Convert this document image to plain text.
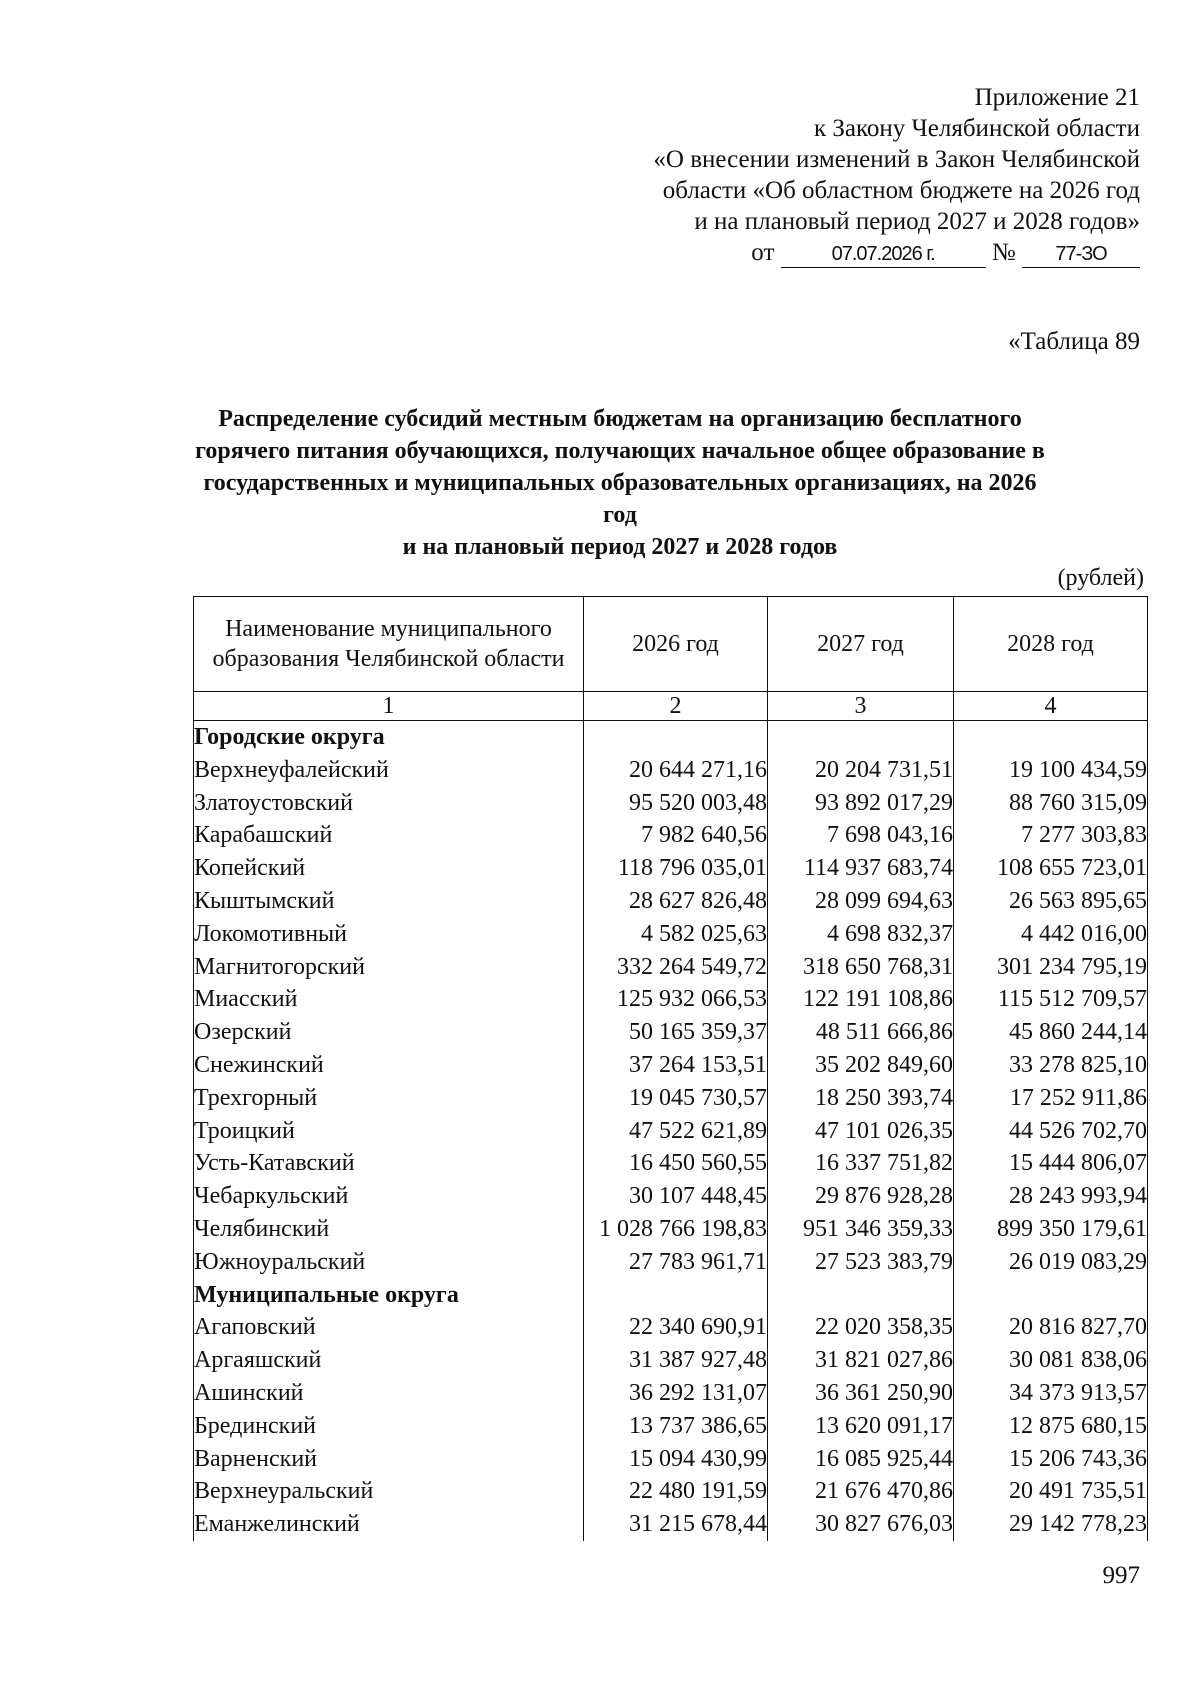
Приложение 21
к Закону Челябинской области
«О внесении изменений в Закон Челябинской
области «Об областном бюджете на 2026 год
и на плановый период 2027 и 2028 годов»
от	07.07.2026 г. № 77-ЗО
«Таблица 89
Распределение субсидий местным бюджетам на организацию бесплатного
горячего питания обучающихся, получающих начальное общее образование в
государственных и муниципальных образовательных организациях, на 2026 год
и на плановый период 2027 и 2028 годов
(рублей)
Наименование муниципального образования Челябинской области	2026 год	2027 год	2028 год
1	2	3	4
Городские округа			
Верхнеуфалейский	20 644 271,16	20 204 731,51	19 100 434,59
Златоустовский	95 520 003,48	93 892 017,29	88 760 315,09
Карабашский	7 982 640,56	7 698 043,16	7 277 303,83
Копейский	118 796 035,01	114 937 683,74	108 655 723,01
Кыштымский	28 627 826,48	28 099 694,63	26 563 895,65
Локомотивный	4 582 025,63	4 698 832,37	4 442 016,00
Магнитогорский	332 264 549,72	318 650 768,31	301 234 795,19
Миасский	125 932 066,53	122 191 108,86	115 512 709,57
Озерский	50 165 359,37	48 511 666,86	45 860 244,14
Снежинский	37 264 153,51	35 202 849,60	33 278 825,10
Трехгорный	19 045 730,57	18 250 393,74	17 252 911,86
Троицкий	47 522 621,89	47 101 026,35	44 526 702,70
Усть-Катавский	16 450 560,55	16 337 751,82	15 444 806,07
Чебаркульский	30 107 448,45	29 876 928,28	28 243 993,94
Челябинский	1 028 766 198,83	951 346 359,33	899 350 179,61
Южноуральский	27 783 961,71	27 523 383,79	26 019 083,29
Муниципальные округа			
Агаповский	22 340 690,91	22 020 358,35	20 816 827,70
Аргаяшский	31 387 927,48	31 821 027,86	30 081 838,06
Ашинский	36 292 131,07	36 361 250,90	34 373 913,57
Брединский	13 737 386,65	13 620 091,17	12 875 680,15
Варненский	15 094 430,99	16 085 925,44	15 206 743,36
Верхнеуральский	22 480 191,59	21 676 470,86	20 491 735,51
Еманжелинский	31 215 678,44	30 827 676,03	29 142 778,23
997
